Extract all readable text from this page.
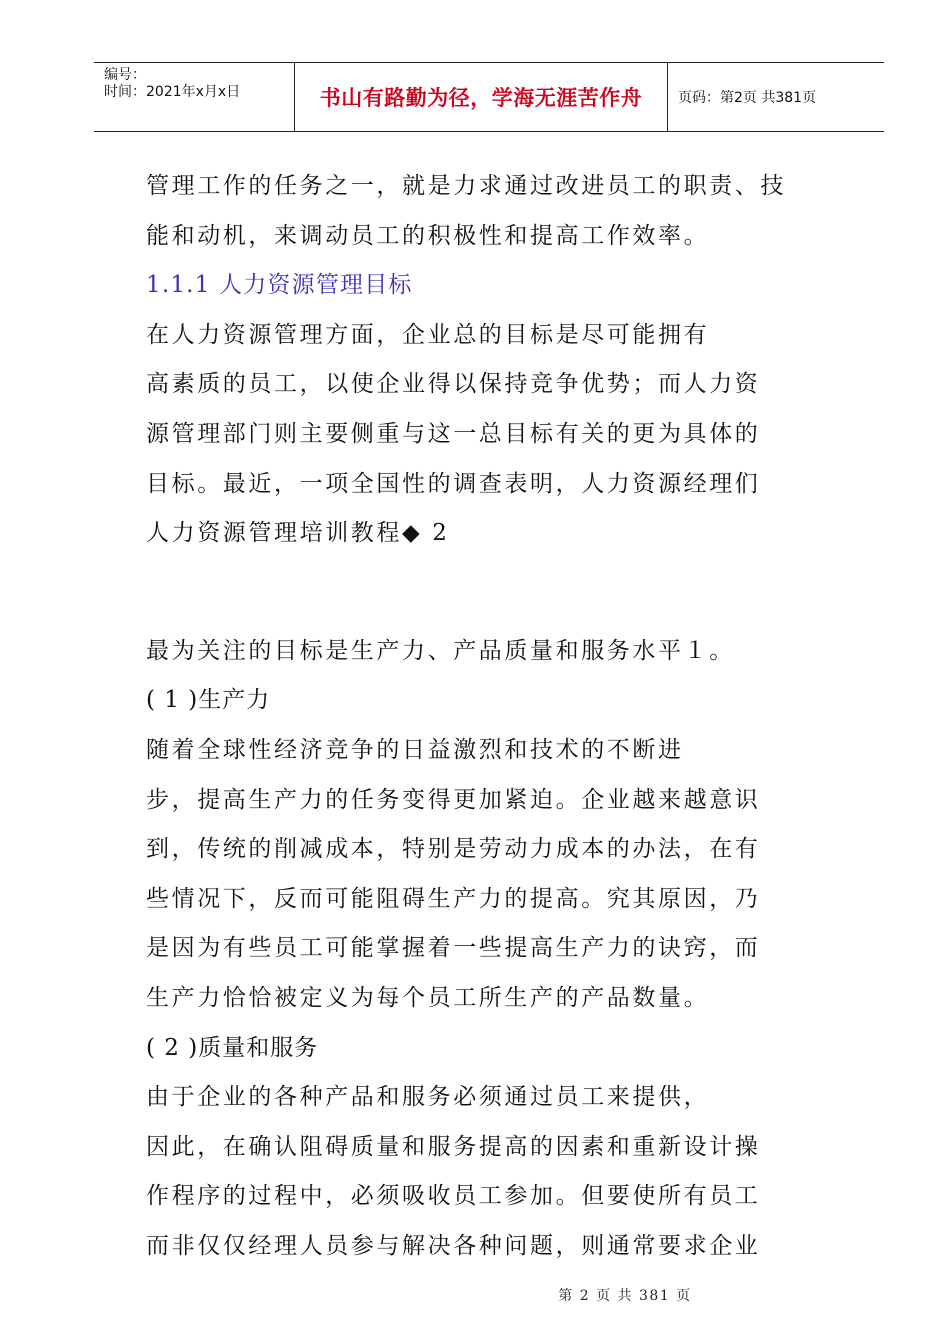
编号：
时间：2021年x月x日	书山有路勤为径，学海无涯苦作舟	页码：第2页 共381页
管理工作的任务之一，就是力求通过改进员工的职责、技
能和动机，来调动员工的积极性和提高工作效率。
1.1.1 人力资源管理目标
在人力资源管理方面，企业总的目标是尽可能拥有
高素质的员工，以使企业得以保持竞争优势；而人力资
源管理部门则主要侧重与这一总目标有关的更为具体的
目标。最近，一项全国性的调查表明，人力资源经理们
人力资源管理培训教程◆ 2
最为关注的目标是生产力、产品质量和服务水平１。
( 1 )生产力
随着全球性经济竞争的日益激烈和技术的不断进
步，提高生产力的任务变得更加紧迫。企业越来越意识
到，传统的削减成本，特别是劳动力成本的办法，在有
些情况下，反而可能阻碍生产力的提高。究其原因，乃
是因为有些员工可能掌握着一些提高生产力的诀窍，而
生产力恰恰被定义为每个员工所生产的产品数量。
( 2 )质量和服务
由于企业的各种产品和服务必须通过员工来提供，
因此，在确认阻碍质量和服务提高的因素和重新设计操
作程序的过程中，必须吸收员工参加。但要使所有员工
而非仅仅经理人员参与解决各种问题，则通常要求企业
第 2 页 共 381 页
